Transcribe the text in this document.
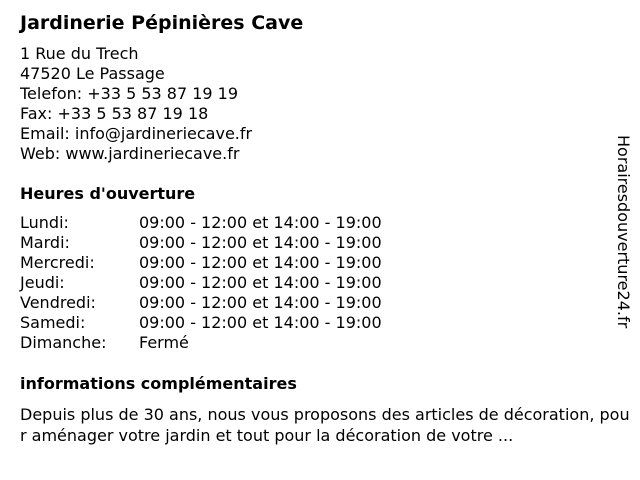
Jardinerie Pépinières Cave
1 Rue du Trech
47520 Le Passage
Telefon: +33 5 53 87 19 19
Fax: +33 5 53 87 19 18
Email: info@jardineriecave.fr
Web: www.jardineriecave.fr
Heures d'ouverture
Lundi:	09:00 - 12:00 et 14:00 - 19:00
Mardi:	09:00 - 12:00 et 14:00 - 19:00
Mercredi:	09:00 - 12:00 et 14:00 - 19:00
Jeudi:	09:00 - 12:00 et 14:00 - 19:00
Vendredi:	09:00 - 12:00 et 14:00 - 19:00
Samedi:	09:00 - 12:00 et 14:00 - 19:00
Dimanche: Fermé
informations complémentaires
Depuis plus de 30 ans, nous vous proposons des articles de décoration, pour aménager votre jardin et tout pour la décoration de votre ...
Horairesdouverture24.fr
